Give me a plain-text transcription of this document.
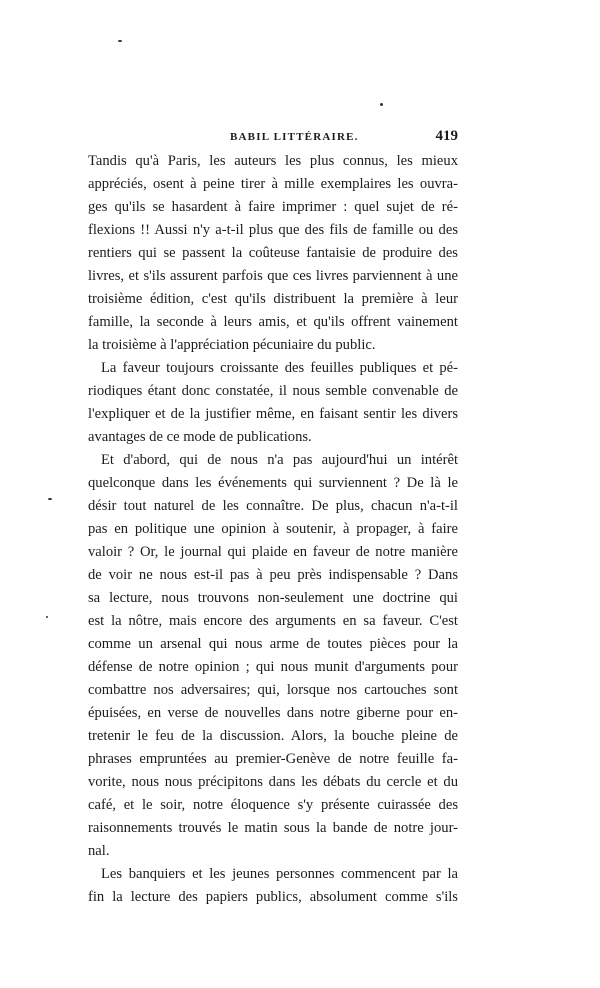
BABIL LITTÉRAIRE.	419
Tandis qu'à Paris, les auteurs les plus connus, les mieux
appréciés, osent à peine tirer à mille exemplaires les ouvra-
ges qu'ils se hasardent à faire imprimer : quel sujet de ré-
flexions !! Aussi n'y a-t-il plus que des fils de famille ou des
rentiers qui se passent la coûteuse fantaisie de produire des
livres, et s'ils assurent parfois que ces livres parviennent à une
troisième édition, c'est qu'ils distribuent la première à leur
famille, la seconde à leurs amis, et qu'ils offrent vainement
la troisième à l'appréciation pécuniaire du public.
La faveur toujours croissante des feuilles publiques et pé-
riodiques étant donc constatée, il nous semble convenable de
l'expliquer et de la justifier même, en faisant sentir les divers
avantages de ce mode de publications.
Et d'abord, qui de nous n'a pas aujourd'hui un intérêt
quelconque dans les événements qui surviennent ? De là le
désir tout naturel de les connaître. De plus, chacun n'a-t-il
pas en politique une opinion à soutenir, à propager, à faire
valoir ? Or, le journal qui plaide en faveur de notre manière
de voir ne nous est-il pas à peu près indispensable ? Dans
sa lecture, nous trouvons non-seulement une doctrine qui
est la nôtre, mais encore des arguments en sa faveur. C'est
comme un arsenal qui nous arme de toutes pièces pour la
défense de notre opinion ; qui nous munit d'arguments pour
combattre nos adversaires; qui, lorsque nos cartouches sont
épuisées, en verse de nouvelles dans notre giberne pour en-
tretenir le feu de la discussion. Alors, la bouche pleine de
phrases empruntées au premier-Genève de notre feuille fa-
vorite, nous nous précipitons dans les débats du cercle et du
café, et le soir, notre éloquence s'y présente cuirassée des
raisonnements trouvés le matin sous la bande de notre jour-
nal.
Les banquiers et les jeunes personnes commencent par la
fin la lecture des papiers publics, absolument comme s'ils
